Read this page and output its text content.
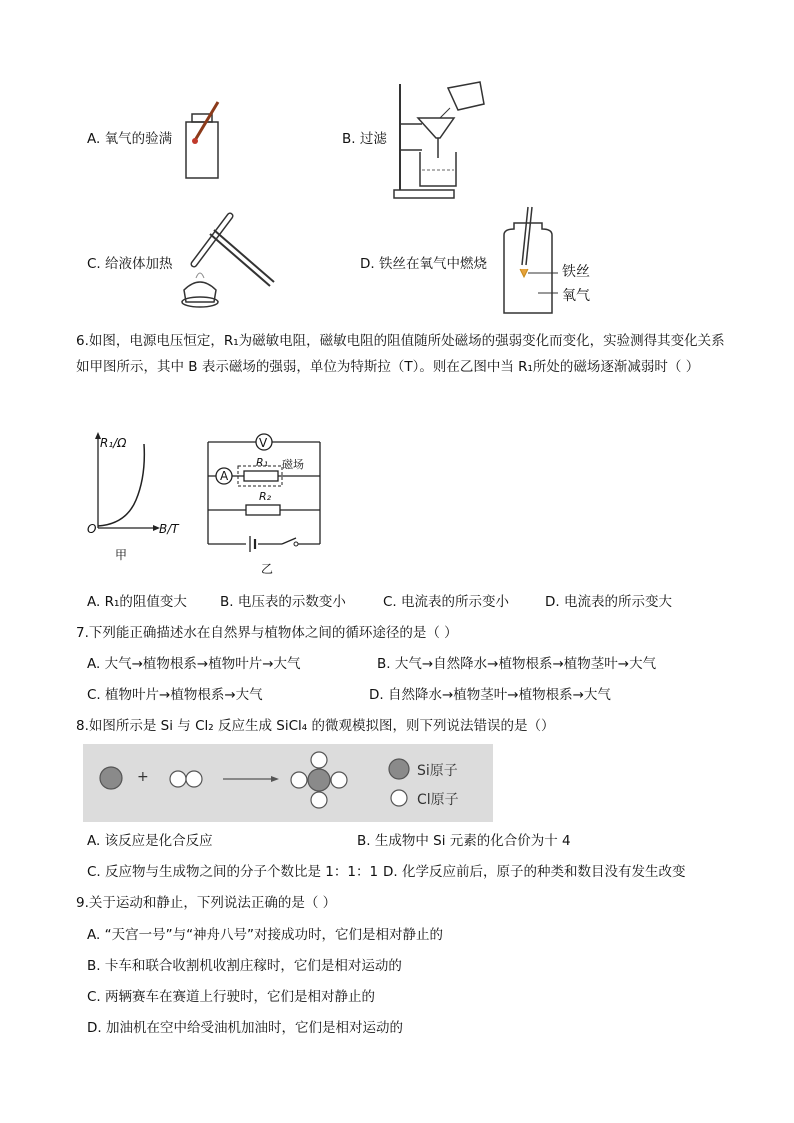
A. 氧气的验满	B. 过滤
C. 给液体加热	D. 铁丝在氧气中燃烧	铁丝
氧气
6.如图，电源电压恒定，R₁为磁敏电阻，磁敏电阻的阻值随所处磁场的强弱变化而变化，实验测得其变化关系如甲图所示，其中 B 表示磁场的强弱，单位为特斯拉（T）。则在乙图中当 R₁所处的磁场逐渐减弱时（ ）
R₁/Ω
B/T
O
甲
V
A
R₁ 磁场
R₂
乙
A. R₁的阻值变大 B. 电压表的示数变小	C. 电流表的所示变小	D. 电流表的所示变大
7.下列能正确描述水在自然界与植物体之间的循环途径的是（ ）
A. 大气→植物根系→植物叶片→大气	B. 大气→自然降水→植物根系→植物茎叶→大气
C. 植物叶片→植物根系→大气	D. 自然降水→植物茎叶→植物根系→大气
8.如图所示是 Si 与 Cl₂ 反应生成 SiCl₄ 的微观模拟图，则下列说法错误的是（）
+	Si原子
Cl原子
A. 该反应是化合反应	B. 生成物中 Si 元素的化合价为十 4
C. 反应物与生成物之间的分子个数比是 1：1：1 D. 化学反应前后，原子的种类和数目没有发生改变
9.关于运动和静止，下列说法正确的是（ ）
A. “天宫一号”与“神舟八号”对接成功时，它们是相对静止的
B. 卡车和联合收割机收割庄稼时，它们是相对运动的
C. 两辆赛车在赛道上行驶时，它们是相对静止的
D. 加油机在空中给受油机加油时，它们是相对运动的
